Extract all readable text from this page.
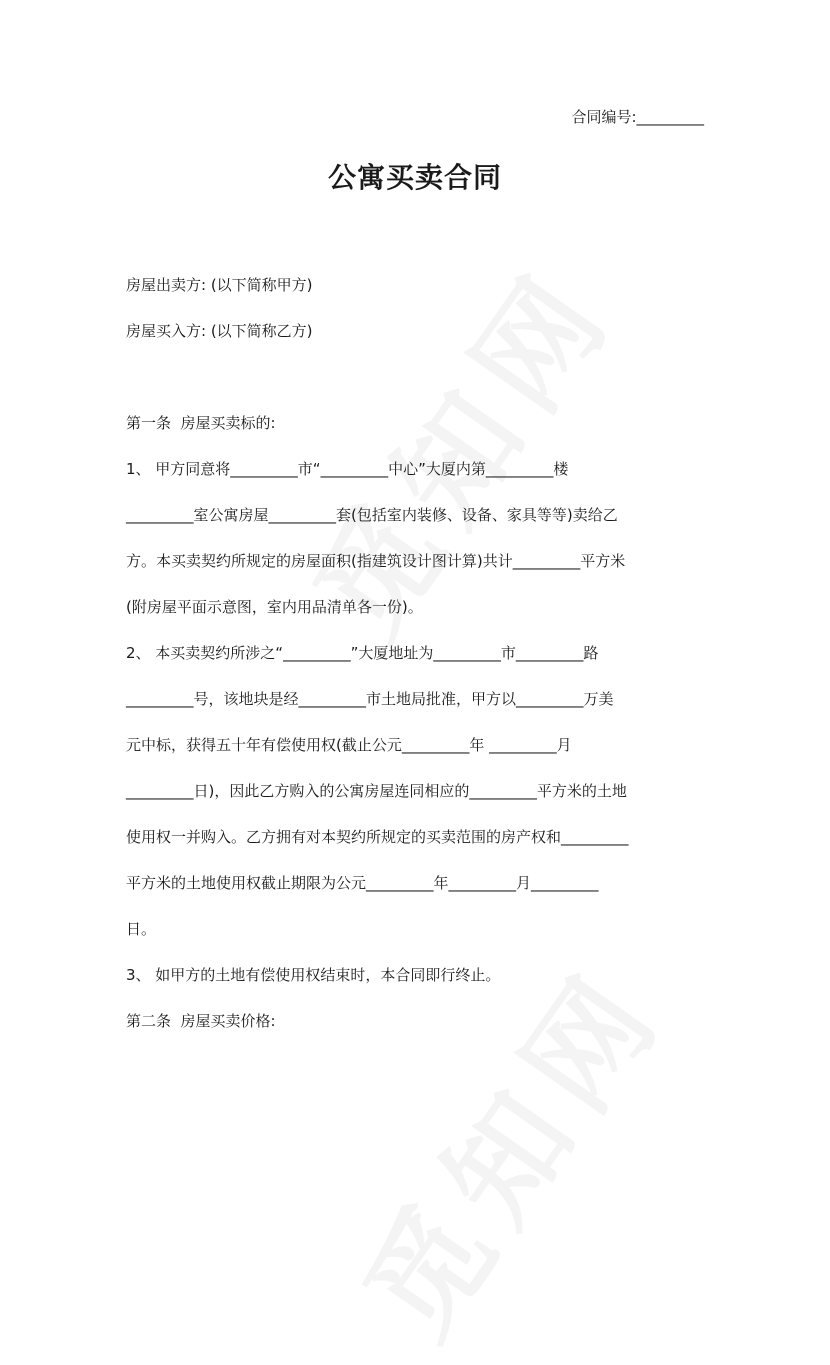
合同编号:_________
公寓买卖合同

房屋出卖方: (以下简称甲方)

房屋买入方: (以下简称乙方)

第一条  房屋买卖标的:

1、 甲方同意将_________市“_________中心”大厦内第_________楼

_________室公寓房屋_________套(包括室内装修、设备、家具等等)卖给乙

方。本买卖契约所规定的房屋面积(指建筑设计图计算)共计_________平方米

(附房屋平面示意图，室内用品清单各一份)。

2、 本买卖契约所涉之“_________”大厦地址为_________市_________路

_________号，该地块是经_________市土地局批准，甲方以_________万美

元中标，获得五十年有偿使用权(截止公元_________年 _________月

_________日)，因此乙方购入的公寓房屋连同相应的_________平方米的土地

使用权一并购入。乙方拥有对本契约所规定的买卖范围的房产权和_________

平方米的土地使用权截止期限为公元_________年_________月_________

日。

3、 如甲方的土地有偿使用权结束时，本合同即行终止。

第二条  房屋买卖价格:
